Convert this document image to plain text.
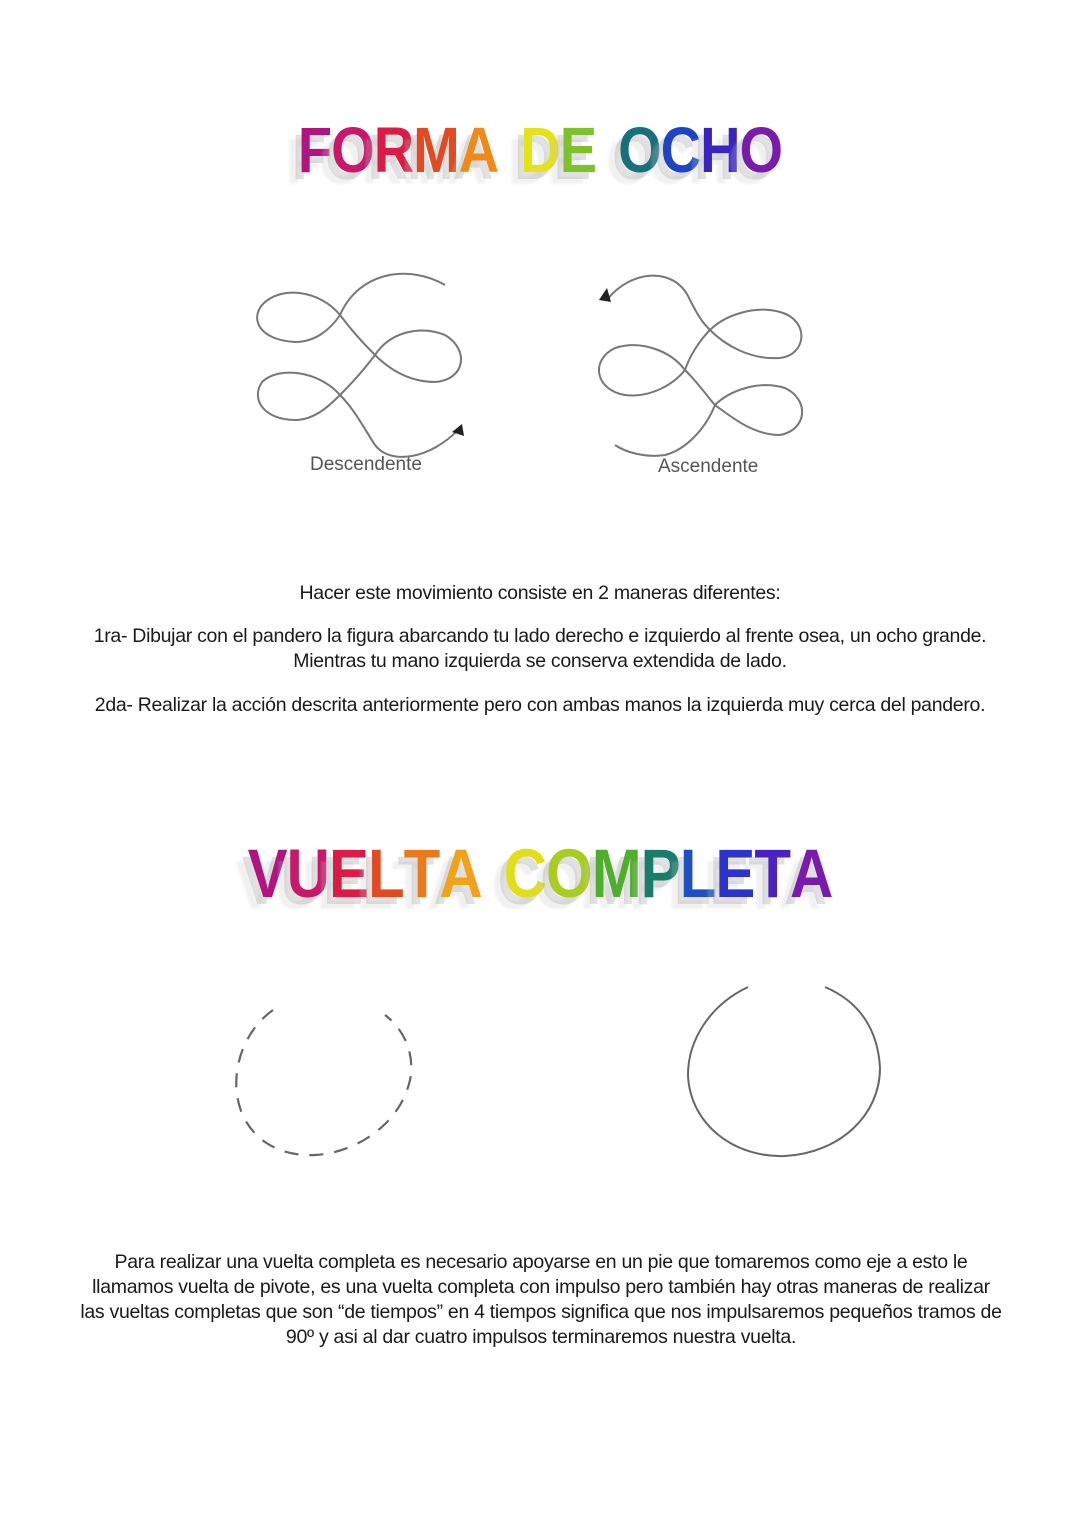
FORMA DE OCHO
Descendente	Ascendente
Hacer este movimiento consiste en 2 maneras diferentes:
1ra- Dibujar con el pandero la figura abarcando tu lado derecho e izquierdo al frente osea, un ocho grande. Mientras tu mano izquierda se conserva extendida de lado.
2da- Realizar la acción descrita anteriormente pero con ambas manos la izquierda muy cerca del pandero.
VUELTA COMPLETA
Para realizar una vuelta completa es necesario apoyarse en un pie que tomaremos como eje a esto le llamamos vuelta de pivote, es una vuelta completa con impulso pero también hay otras maneras de realizar las vueltas completas que son “de tiempos” en 4 tiempos significa que nos impulsaremos pequeños tramos de 90º y asi al dar cuatro impulsos terminaremos nuestra vuelta.
